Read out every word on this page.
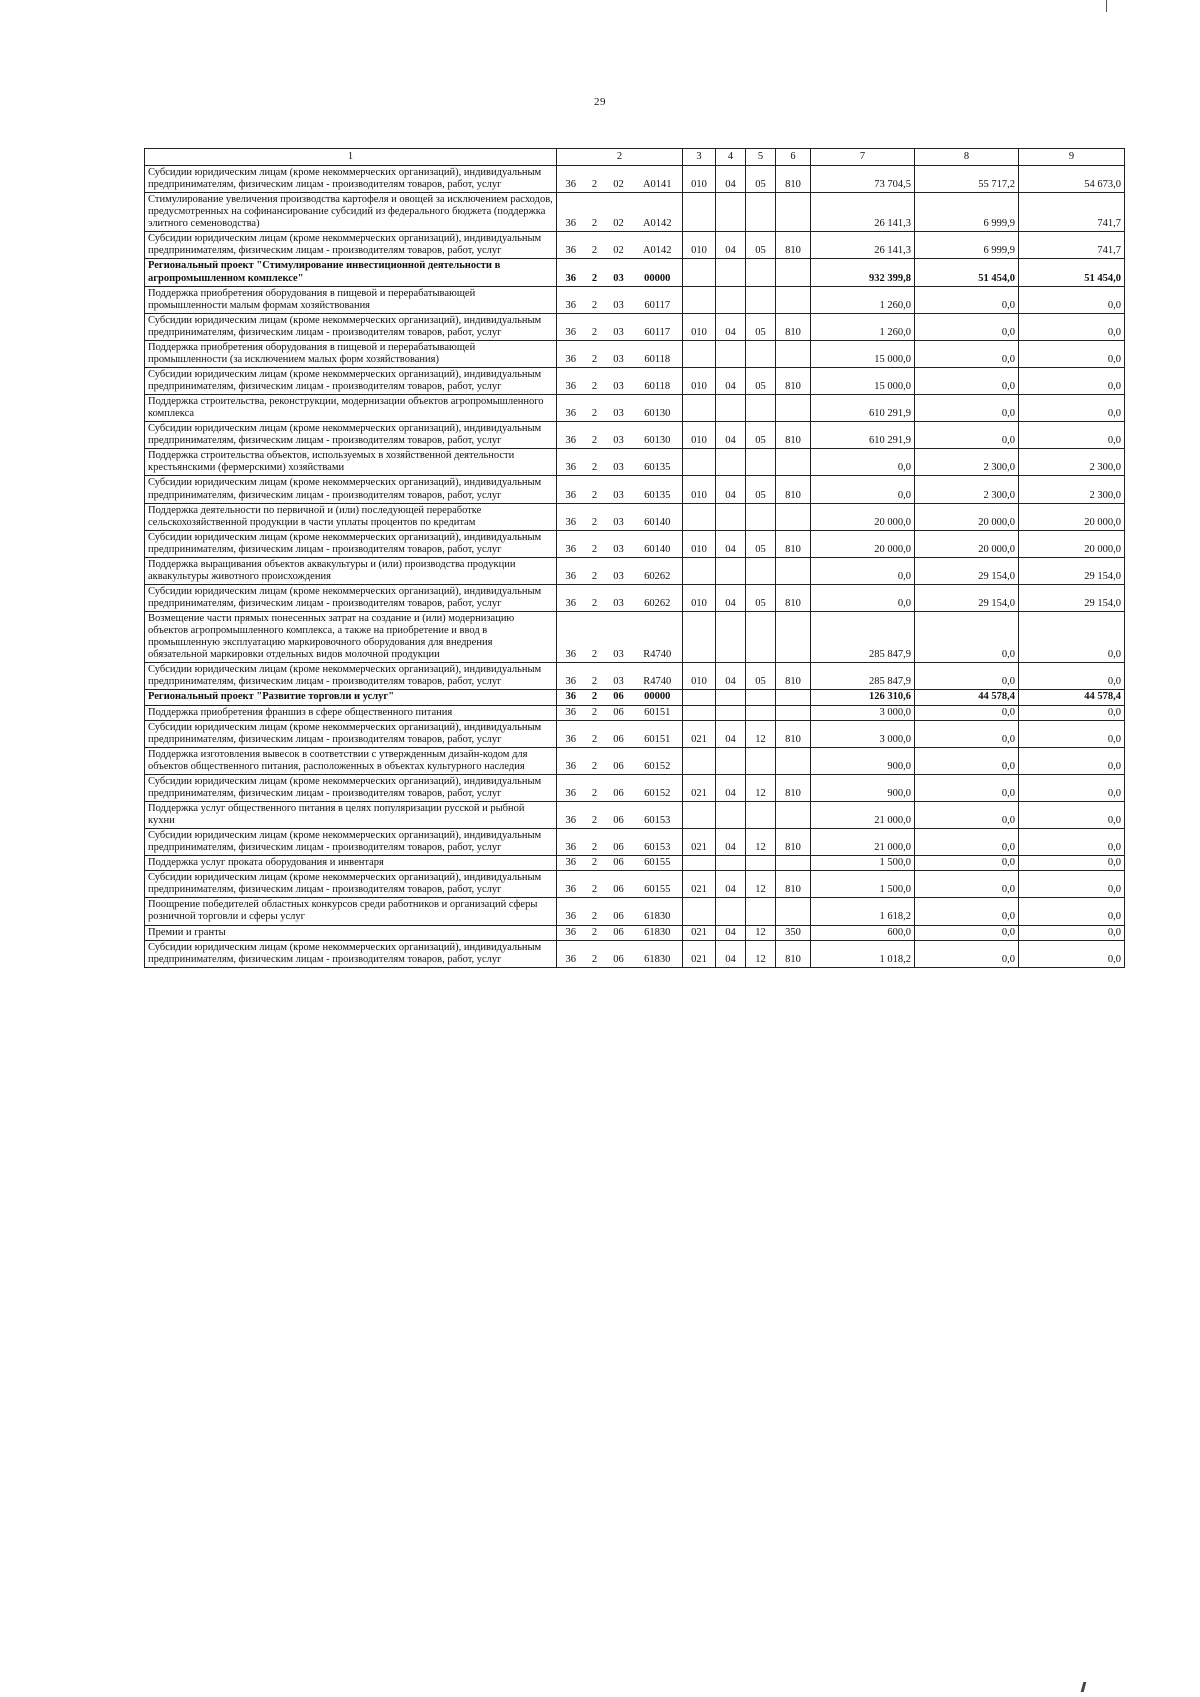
29
1	2				3	4	5	6	7	8	9
Субсидии юридическим лицам (кроме некоммерческих организаций), индивидуальным предпринимателям, физическим лицам - производителям товаров, работ, услуг	36	2	02	A0141	010	04	05	810	73 704,5	55 717,2	54 673,0
Стимулирование увеличения производства картофеля и овощей за исключением расходов, предусмотренных на софинансирование субсидий из федерального бюджета (поддержка элитного семеноводства)	36	2	02	A0142					26 141,3	6 999,9	741,7
Субсидии юридическим лицам (кроме некоммерческих организаций), индивидуальным предпринимателям, физическим лицам - производителям товаров, работ, услуг	36	2	02	A0142	010	04	05	810	26 141,3	6 999,9	741,7
Региональный проект "Стимулирование инвестиционной деятельности в агропромышленном комплексе"	36	2	03	00000					932 399,8	51 454,0	51 454,0
Поддержка приобретения оборудования в пищевой и перерабатывающей промышленности малым формам хозяйствования	36	2	03	60117					1 260,0	0,0	0,0
Субсидии юридическим лицам (кроме некоммерческих организаций), индивидуальным предпринимателям, физическим лицам - производителям товаров, работ, услуг	36	2	03	60117	010	04	05	810	1 260,0	0,0	0,0
Поддержка приобретения оборудования в пищевой и перерабатывающей промышленности (за исключением малых форм хозяйствования)	36	2	03	60118					15 000,0	0,0	0,0
Субсидии юридическим лицам (кроме некоммерческих организаций), индивидуальным предпринимателям, физическим лицам - производителям товаров, работ, услуг	36	2	03	60118	010	04	05	810	15 000,0	0,0	0,0
Поддержка строительства, реконструкции, модернизации объектов агропромышленного комплекса	36	2	03	60130					610 291,9	0,0	0,0
Субсидии юридическим лицам (кроме некоммерческих организаций), индивидуальным предпринимателям, физическим лицам - производителям товаров, работ, услуг	36	2	03	60130	010	04	05	810	610 291,9	0,0	0,0
Поддержка строительства объектов, используемых в хозяйственной деятельности крестьянскими (фермерскими) хозяйствами	36	2	03	60135					0,0	2 300,0	2 300,0
Субсидии юридическим лицам (кроме некоммерческих организаций), индивидуальным предпринимателям, физическим лицам - производителям товаров, работ, услуг	36	2	03	60135	010	04	05	810	0,0	2 300,0	2 300,0
Поддержка деятельности по первичной и (или) последующей переработке сельскохозяйственной продукции в части уплаты процентов по кредитам	36	2	03	60140					20 000,0	20 000,0	20 000,0
Субсидии юридическим лицам (кроме некоммерческих организаций), индивидуальным предпринимателям, физическим лицам - производителям товаров, работ, услуг	36	2	03	60140	010	04	05	810	20 000,0	20 000,0	20 000,0
Поддержка выращивания объектов аквакультуры и (или) производства продукции аквакультуры животного происхождения	36	2	03	60262					0,0	29 154,0	29 154,0
Субсидии юридическим лицам (кроме некоммерческих организаций), индивидуальным предпринимателям, физическим лицам - производителям товаров, работ, услуг	36	2	03	60262	010	04	05	810	0,0	29 154,0	29 154,0
Возмещение части прямых понесенных затрат на создание и (или) модернизацию объектов агропромышленного комплекса, а также на приобретение и ввод в промышленную эксплуатацию маркировочного оборудования для внедрения обязательной маркировки отдельных видов молочной продукции	36	2	03	R4740					285 847,9	0,0	0,0
Субсидии юридическим лицам (кроме некоммерческих организаций), индивидуальным предпринимателям, физическим лицам - производителям товаров, работ, услуг	36	2	03	R4740	010	04	05	810	285 847,9	0,0	0,0
Региональный проект "Развитие торговли и услуг"	36	2	06	00000					126 310,6	44 578,4	44 578,4
Поддержка приобретения франшиз в сфере общественного питания	36	2	06	60151					3 000,0	0,0	0,0
Субсидии юридическим лицам (кроме некоммерческих организаций), индивидуальным предпринимателям, физическим лицам - производителям товаров, работ, услуг	36	2	06	60151	021	04	12	810	3 000,0	0,0	0,0
Поддержка изготовления вывесок в соответствии с утвержденным дизайн-кодом для объектов общественного питания, расположенных в объектах культурного наследия	36	2	06	60152					900,0	0,0	0,0
Субсидии юридическим лицам (кроме некоммерческих организаций), индивидуальным предпринимателям, физическим лицам - производителям товаров, работ, услуг	36	2	06	60152	021	04	12	810	900,0	0,0	0,0
Поддержка услуг общественного питания в целях популяризации русской и рыбной кухни	36	2	06	60153					21 000,0	0,0	0,0
Субсидии юридическим лицам (кроме некоммерческих организаций), индивидуальным предпринимателям, физическим лицам - производителям товаров, работ, услуг	36	2	06	60153	021	04	12	810	21 000,0	0,0	0,0
Поддержка услуг проката оборудования и инвентаря	36	2	06	60155					1 500,0	0,0	0,0
Субсидии юридическим лицам (кроме некоммерческих организаций), индивидуальным предпринимателям, физическим лицам - производителям товаров, работ, услуг	36	2	06	60155	021	04	12	810	1 500,0	0,0	0,0
Поощрение победителей областных конкурсов среди работников и организаций сферы розничной торговли и сферы услуг	36	2	06	61830					1 618,2	0,0	0,0
Премии и гранты	36	2	06	61830	021	04	12	350	600,0	0,0	0,0
Субсидии юридическим лицам (кроме некоммерческих организаций), индивидуальным предпринимателям, физическим лицам - производителям товаров, работ, услуг	36	2	06	61830	021	04	12	810	1 018,2	0,0	0,0
